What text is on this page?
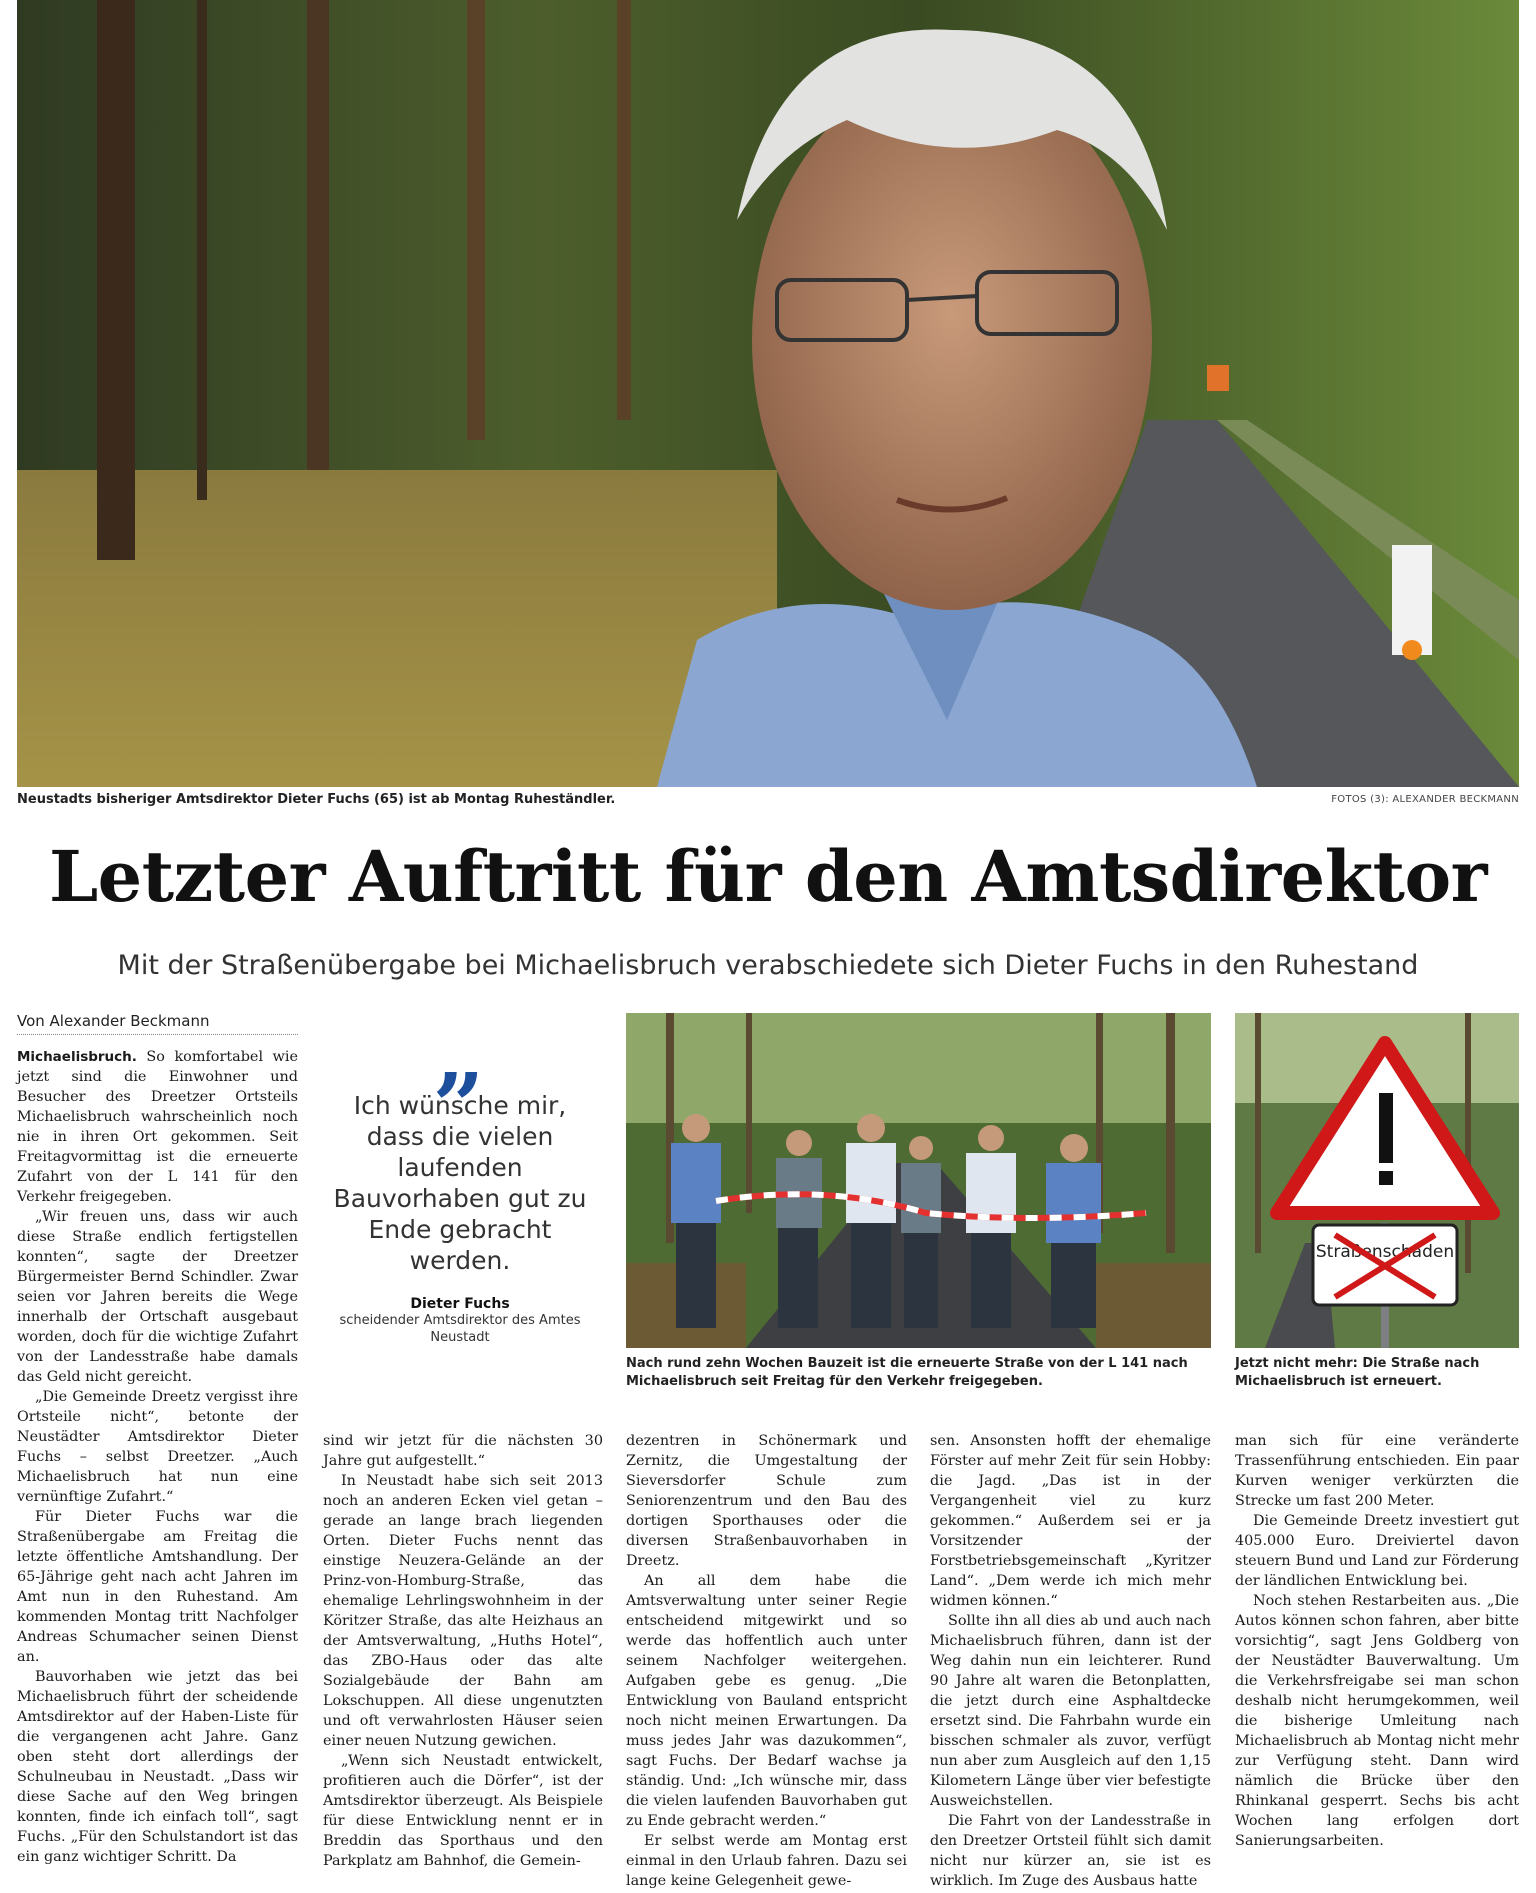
Neustadts bisheriger Amtsdirektor Dieter Fuchs (65) ist ab Montag Ruheständler.	FOTOS (3): ALEXANDER BECKMANN
Letzter Auftritt für den Amtsdirektor
Mit der Straßenübergabe bei Michaelisbruch verabschiedete sich Dieter Fuchs in den Ruhestand
Von Alexander Beckmann

Michaelisbruch. So komfortabel wie jetzt sind die Einwohner und Besucher des Dreetzer Ortsteils Michaelisbruch wahrscheinlich noch nie in ihren Ort gekommen. Seit Freitagvormittag ist die erneuerte Zufahrt von der L 141 für den Verkehr freigegeben.

„Wir freuen uns, dass wir auch diese Straße endlich fertigstellen konnten“, sagte der Dreetzer Bürgermeister Bernd Schindler. Zwar seien vor Jahren bereits die Wege innerhalb der Ortschaft ausgebaut worden, doch für die wichtige Zufahrt von der Landesstraße habe damals das Geld nicht gereicht.

„Die Gemeinde Dreetz vergisst ihre Ortsteile nicht“, betonte der Neustädter Amtsdirektor Dieter Fuchs – selbst Dreetzer. „Auch Michaelisbruch hat nun eine vernünftige Zufahrt.“

Für Dieter Fuchs war die Straßenübergabe am Freitag die letzte öffentliche Amtshandlung. Der 65-Jährige geht nach acht Jahren im Amt nun in den Ruhestand. Am kommenden Montag tritt Nachfolger Andreas Schumacher seinen Dienst an.

Bauvorhaben wie jetzt das bei Michaelisbruch führt der scheidende Amtsdirektor auf der Haben-Liste für die vergangenen acht Jahre. Ganz oben steht dort allerdings der Schulneubau in Neustadt. „Dass wir diese Sache auf den Weg bringen konnten, finde ich einfach toll“, sagt Fuchs. „Für den Schulstandort ist das ein ganz wichtiger Schritt. Da

„
Ich wünsche mir, dass die vielen laufenden Bauvorhaben gut zu Ende gebracht werden.
Dieter Fuchs
scheidender Amtsdirektor des Amtes Neustadt
Nach rund zehn Wochen Bauzeit ist die erneuerte Straße von der L 141 nach Michaelisbruch seit Freitag für den Verkehr freigegeben.
Straßenschäden
Jetzt nicht mehr: Die Straße nach Michaelisbruch ist erneuert.

sind wir jetzt für die nächsten 30 Jahre gut aufgestellt.“

In Neustadt habe sich seit 2013 noch an anderen Ecken viel getan – gerade an lange brach liegenden Orten. Dieter Fuchs nennt das einstige Neuzera-Gelände an der Prinz-von-Homburg-Straße, das ehemalige Lehrlingswohnheim in der Köritzer Straße, das alte Heizhaus an der Amtsverwaltung, „Huths Hotel“, das ZBO-Haus oder das alte Sozialgebäude der Bahn am Lokschuppen. All diese ungenutzten und oft verwahrlosten Häuser seien einer neuen Nutzung gewichen.

„Wenn sich Neustadt entwickelt, profitieren auch die Dörfer“, ist der Amtsdirektor überzeugt. Als Beispiele für diese Entwicklung nennt er in Breddin das Sporthaus und den Parkplatz am Bahnhof, die Gemein-

dezentren in Schönermark und Zernitz, die Umgestaltung der Sieversdorfer Schule zum Seniorenzentrum und den Bau des dortigen Sporthauses oder die diversen Straßenbauvorhaben in Dreetz.

An all dem habe die Amtsverwaltung unter seiner Regie entscheidend mitgewirkt und so werde das hoffentlich auch unter seinem Nachfolger weitergehen. Aufgaben gebe es genug. „Die Entwicklung von Bauland entspricht noch nicht meinen Erwartungen. Da muss jedes Jahr was dazukommen“, sagt Fuchs. Der Bedarf wachse ja ständig. Und: „Ich wünsche mir, dass die vielen laufenden Bauvorhaben gut zu Ende gebracht werden.“

Er selbst werde am Montag erst einmal in den Urlaub fahren. Dazu sei lange keine Gelegenheit gewe-

sen. Ansonsten hofft der ehemalige Förster auf mehr Zeit für sein Hobby: die Jagd. „Das ist in der Vergangenheit viel zu kurz gekommen.“ Außerdem sei er ja Vorsitzender der Forstbetriebsgemeinschaft „Kyritzer Land“. „Dem werde ich mich mehr widmen können.“

Sollte ihn all dies ab und auch nach Michaelisbruch führen, dann ist der Weg dahin nun ein leichterer. Rund 90 Jahre alt waren die Betonplatten, die jetzt durch eine Asphaltdecke ersetzt sind. Die Fahrbahn wurde ein bisschen schmaler als zuvor, verfügt nun aber zum Ausgleich auf den 1,15 Kilometern Länge über vier befestigte Ausweichstellen.

Die Fahrt von der Landesstraße in den Dreetzer Ortsteil fühlt sich damit nicht nur kürzer an, sie ist es wirklich. Im Zuge des Ausbaus hatte

man sich für eine veränderte Trassenführung entschieden. Ein paar Kurven weniger verkürzten die Strecke um fast 200 Meter.

Die Gemeinde Dreetz investiert gut 405.000 Euro. Dreiviertel davon steuern Bund und Land zur Förderung der ländlichen Entwicklung bei.

Noch stehen Restarbeiten aus. „Die Autos können schon fahren, aber bitte vorsichtig“, sagt Jens Goldberg von der Neustädter Bauverwaltung. Um die Verkehrsfreigabe sei man schon deshalb nicht herumgekommen, weil die bisherige Umleitung nach Michaelisbruch ab Montag nicht mehr zur Verfügung steht. Dann wird nämlich die Brücke über den Rhinkanal gesperrt. Sechs bis acht Wochen lang erfolgen dort Sanierungsarbeiten.
